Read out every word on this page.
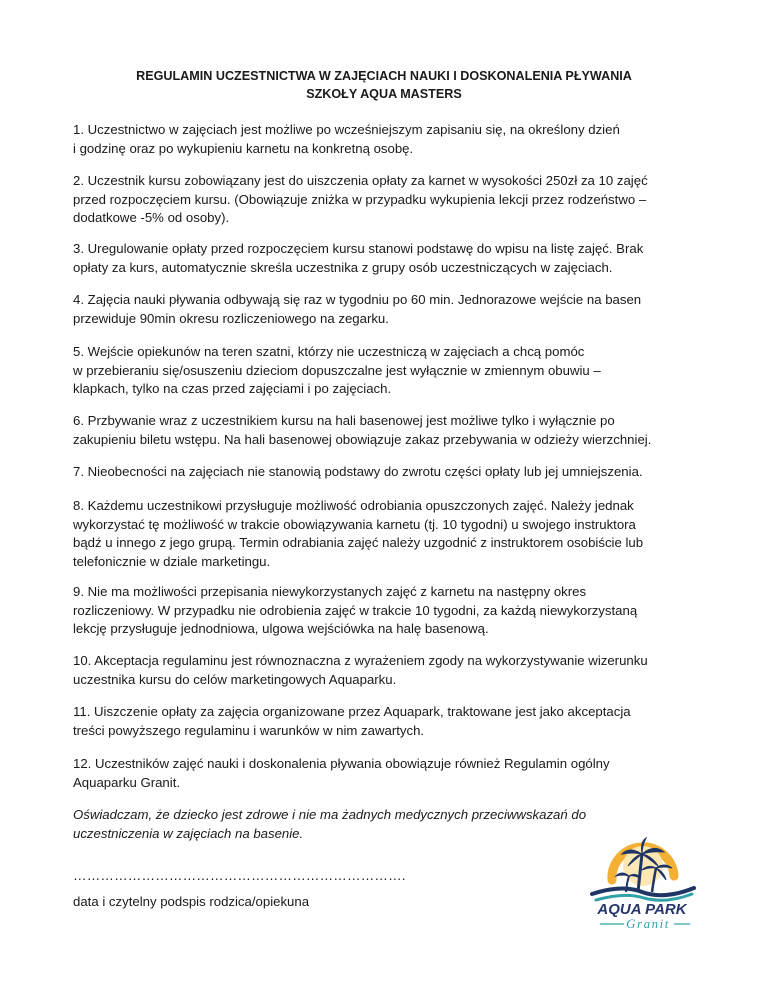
REGULAMIN UCZESTNICTWA W ZAJĘCIACH NAUKI I DOSKONALENIA PŁYWANIA
SZKOŁY AQUA MASTERS
1. Uczestnictwo w zajęciach jest możliwe po wcześniejszym zapisaniu się, na określony dzień
i godzinę oraz po wykupieniu karnetu na konkretną osobę.
2. Uczestnik kursu zobowiązany jest do uiszczenia opłaty za karnet w wysokości 250zł za 10 zajęć
przed rozpoczęciem kursu. (Obowiązuje zniżka w przypadku wykupienia lekcji przez rodzeństwo –
dodatkowe -5% od osoby).
3. Uregulowanie opłaty przed rozpoczęciem kursu stanowi podstawę do wpisu na listę zajęć. Brak
opłaty za kurs, automatycznie skreśla uczestnika z grupy osób uczestniczących w zajęciach.
4. Zajęcia nauki pływania odbywają się raz w tygodniu po 60 min. Jednorazowe wejście na basen
przewiduje 90min okresu rozliczeniowego na zegarku.
5. Wejście opiekunów na teren szatni, którzy nie uczestniczą w zajęciach a chcą pomóc
w przebieraniu się/osuszeniu dzieciom dopuszczalne jest wyłącznie w zmiennym obuwiu –
klapkach, tylko na czas przed zajęciami i po zajęciach.
6. Przbywanie wraz z uczestnikiem kursu na hali basenowej jest możliwe tylko i wyłącznie po
zakupieniu biletu wstępu. Na hali basenowej obowiązuje zakaz przebywania w odzieży wierzchniej.
7. Nieobecności na zajęciach nie stanowią podstawy do zwrotu części opłaty lub jej umniejszenia.
8. Każdemu uczestnikowi przysługuje możliwość odrobiania opuszczonych zajęć. Należy jednak
wykorzystać tę możliwość w trakcie obowiązywania karnetu (tj. 10 tygodni) u swojego instruktora
bądź u innego z jego grupą. Termin odrabiania zajęć należy uzgodnić z instruktorem osobiście lub
telefonicznie w dziale marketingu.
9. Nie ma możliwości przepisania niewykorzystanych zajęć z karnetu na następny okres
rozliczeniowy. W przypadku nie odrobienia zajęć w trakcie 10 tygodni, za każdą niewykorzystaną
lekcję przysługuje jednodniowa, ulgowa wejściówka na halę basenową.
10. Akceptacja regulaminu jest równoznaczna z wyrażeniem zgody na wykorzystywanie wizerunku
uczestnika kursu do celów marketingowych Aquaparku.
11. Uiszczenie opłaty za zajęcia organizowane przez Aquapark, traktowane jest jako akceptacja
treści powyższego regulaminu i warunków w nim zawartych.
12. Uczestników zajęć nauki i doskonalenia pływania obowiązuje również Regulamin ogólny
Aquaparku Granit.
Oświadczam, że dziecko jest zdrowe i nie ma żadnych medycznych przeciwwskazań do
uczestniczenia w zajęciach na basenie.
……………………………………………………………….
data i czytelny podspis rodzica/opiekuna	AQUA PARK
Granit
